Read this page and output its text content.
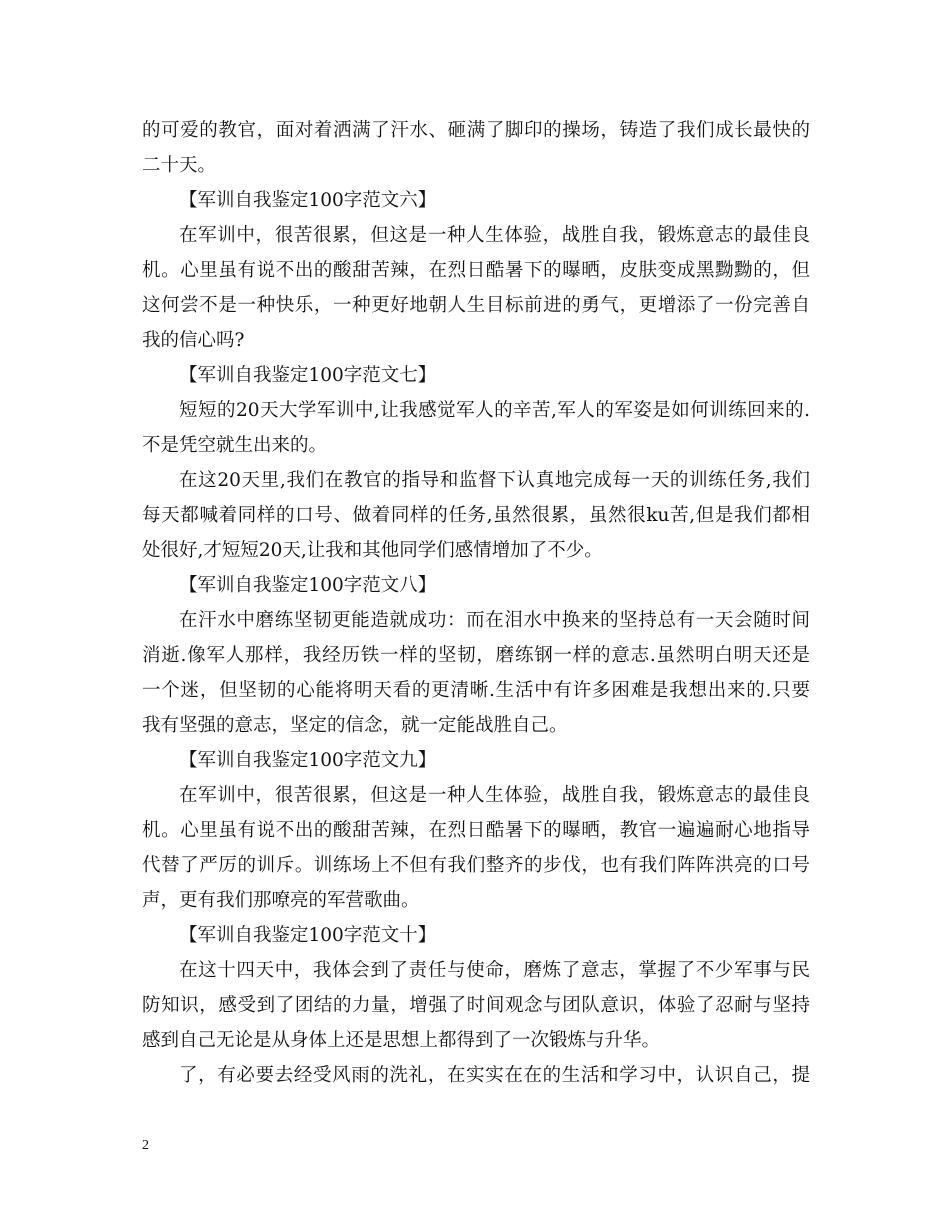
的可爱的教官，面对着洒满了汗水、砸满了脚印的操场，铸造了我们成长最快的
二十天。
【军训自我鉴定100字范文六】
在军训中，很苦很累，但这是一种人生体验，战胜自我，锻炼意志的最佳良
机。心里虽有说不出的酸甜苦辣，在烈日酷暑下的曝晒，皮肤变成黑黝黝的，但
这何尝不是一种快乐，一种更好地朝人生目标前进的勇气，更增添了一份完善自
我的信心吗?
【军训自我鉴定100字范文七】
短短的20天大学军训中,让我感觉军人的辛苦,军人的军姿是如何训练回来的.
不是凭空就生出来的。
在这20天里,我们在教官的指导和监督下认真地完成每一天的训练任务,我们
每天都喊着同样的口号、做着同样的任务,虽然很累，虽然很ku苦,但是我们都相
处很好,才短短20天,让我和其他同学们感情增加了不少。
【军训自我鉴定100字范文八】
在汗水中磨练坚韧更能造就成功：而在泪水中换来的坚持总有一天会随时间
消逝.像军人那样，我经历铁一样的坚韧，磨练钢一样的意志.虽然明白明天还是
一个迷，但坚韧的心能将明天看的更清晰.生活中有许多困难是我想出来的.只要
我有坚强的意志，坚定的信念，就一定能战胜自己。
【军训自我鉴定100字范文九】
在军训中，很苦很累，但这是一种人生体验，战胜自我，锻炼意志的最佳良
机。心里虽有说不出的酸甜苦辣，在烈日酷暑下的曝晒，教官一遍遍耐心地指导
代替了严厉的训斥。训练场上不但有我们整齐的步伐，也有我们阵阵洪亮的口号
声，更有我们那嘹亮的军营歌曲。
【军训自我鉴定100字范文十】
在这十四天中，我体会到了责任与使命，磨炼了意志，掌握了不少军事与民
防知识，感受到了团结的力量，增强了时间观念与团队意识，体验了忍耐与坚持
感到自己无论是从身体上还是思想上都得到了一次锻炼与升华。
了，有必要去经受风雨的洗礼，在实实在在的生活和学习中，认识自己，提
2
